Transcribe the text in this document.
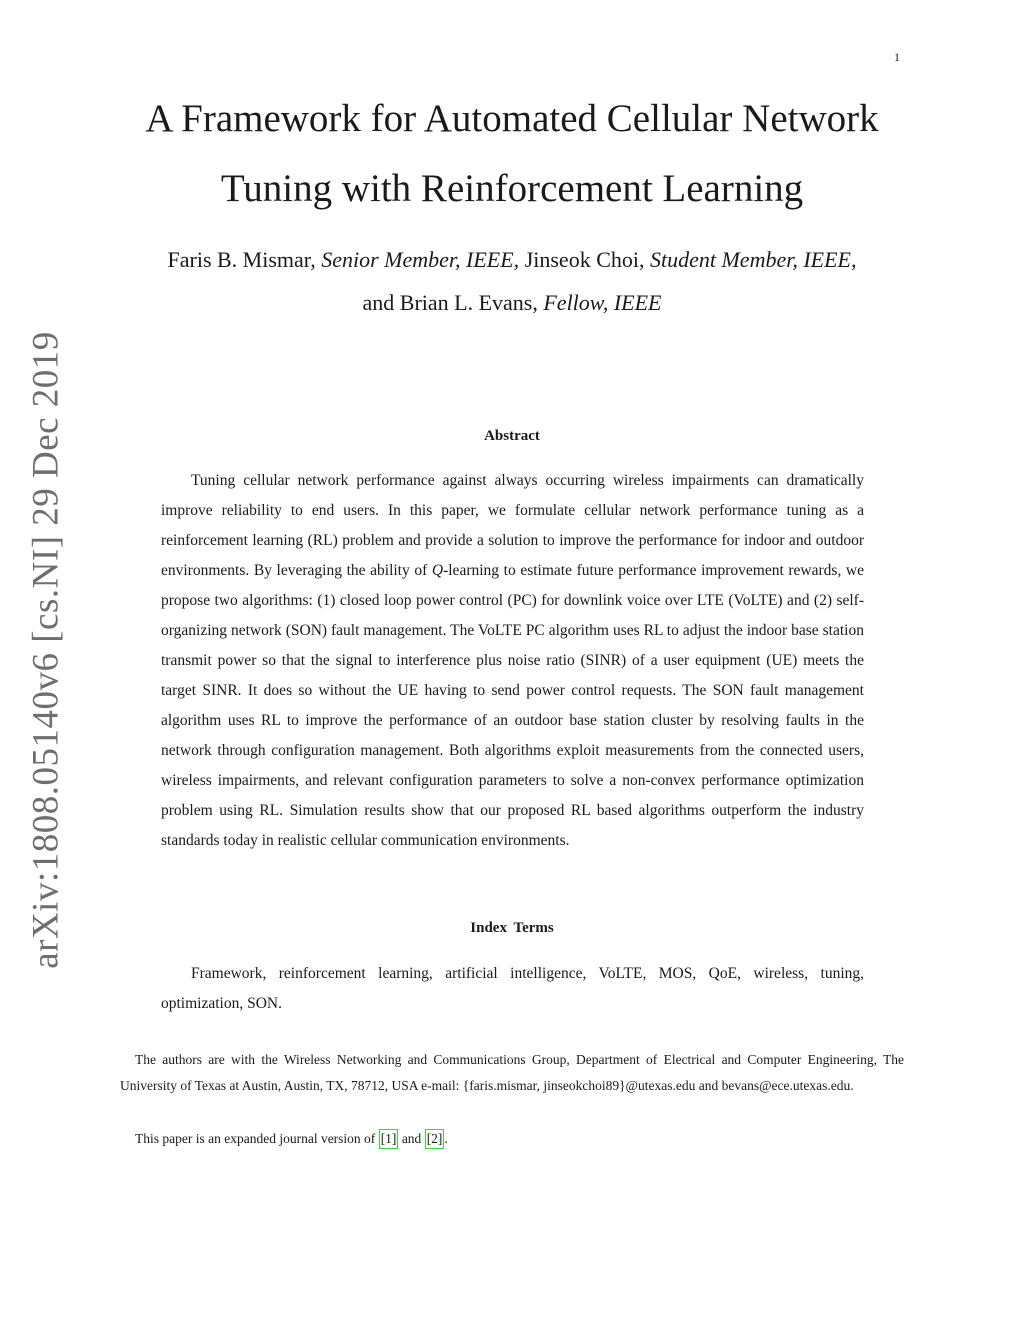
1
arXiv:1808.05140v6 [cs.NI] 29 Dec 2019
A Framework for Automated Cellular Network
Tuning with Reinforcement Learning
Faris B. Mismar, Senior Member, IEEE, Jinseok Choi, Student Member, IEEE,
and Brian L. Evans, Fellow, IEEE
Abstract

Tuning cellular network performance against always occurring wireless impairments can dramatically improve reliability to end users. In this paper, we formulate cellular network performance tuning as a reinforcement learning (RL) problem and provide a solution to improve the performance for indoor and outdoor environments. By leveraging the ability of Q-learning to estimate future performance improvement rewards, we propose two algorithms: (1) closed loop power control (PC) for downlink voice over LTE (VoLTE) and (2) self-organizing network (SON) fault management. The VoLTE PC algorithm uses RL to adjust the indoor base station transmit power so that the signal to interference plus noise ratio (SINR) of a user equipment (UE) meets the target SINR. It does so without the UE having to send power control requests. The SON fault management algorithm uses RL to improve the performance of an outdoor base station cluster by resolving faults in the network through configuration management. Both algorithms exploit measurements from the connected users, wireless impairments, and relevant configuration parameters to solve a non-convex performance optimization problem using RL. Simulation results show that our proposed RL based algorithms outperform the industry standards today in realistic cellular communication environments.

Index Terms

Framework, reinforcement learning, artificial intelligence, VoLTE, MOS, QoE, wireless, tuning, optimization, SON.

The authors are with the Wireless Networking and Communications Group, Department of Electrical and Computer Engineering, The University of Texas at Austin, Austin, TX, 78712, USA e-mail: {faris.mismar, jinseokchoi89}@utexas.edu and bevans@ece.utexas.edu.

This paper is an expanded journal version of [1] and [2] .
